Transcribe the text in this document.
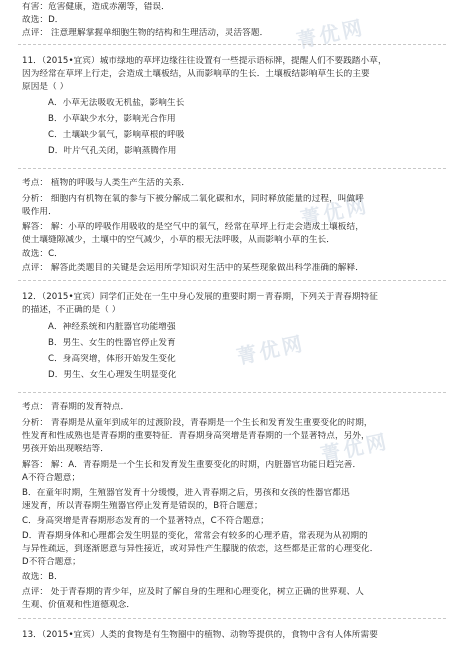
菁优网
菁优网
菁优网
菁优网
有害：危害健康，造成赤潮等，错误．
故选：D．
点评： 注意理解掌握单细胞生物的结构和生理活动，灵活答题．
11．（2015•宜宾）城市绿地的草坪边缘往往设置有一些提示语标牌，提醒人们不要践踏小草，
因为经常在草坪上行走，会造成土壤板结，从而影响草的生长．土壤板结影响草生长的主要
原因是（ ）
A．小草无法吸收无机盐，影响生长
B．小草缺少水分，影响光合作用
C．土壤缺少氧气，影响草根的呼吸
D．叶片气孔关闭，影响蒸腾作用
考点： 植物的呼吸与人类生产生活的关系．
分析： 细胞内有机物在氧的参与下被分解成二氧化碳和水，同时释放能量的过程，叫做呼
吸作用．
解答： 解：小草的呼吸作用吸收的是空气中的氧气，经常在草坪上行走会造成土壤板结，
使土壤缝隙减少，土壤中的空气减少，小草的根无法呼吸，从而影响小草的生长．
故选：C．
点评： 解答此类题目的关键是会运用所学知识对生活中的某些现象做出科学准确的解释．
12．（2015•宜宾）同学们正处在一生中身心发展的重要时期－青春期，下列关于青春期特征
的描述，不正确的是（ ）
A．神经系统和内脏器官功能增强
B．男生、女生的性器官停止发育
C．身高突增，体形开始发生变化
D．男生、女生心理发生明显变化
考点： 青春期的发育特点．
分析： 青春期是从童年到成年的过渡阶段，青春期是一个生长和发育发生重要变化的时期，
性发育和性成熟也是青春期的重要特征．青春期身高突增是青春期的一个显著特点，另外，
男孩开始出现喉结等．
解答： 解：A．青春期是一个生长和发育发生重要变化的时期，内脏器官功能日趋完善．
A不符合题意；
B．在童年时期，生殖器官发育十分缓慢，进入青春期之后，男孩和女孩的性器官都迅
速发育，所以青春期生殖器官停止发育是错误的，B符合题意；
C．身高突增是青春期形态发育的一个显著特点，C不符合题意；
D．青春期身体和心理都会发生明显的变化，常常会有较多的心理矛盾，常表现为从初期的
与异性疏远，到逐渐愿意与异性接近，或对异性产生朦胧的依恋，这些都是正常的心理变化．
D不符合题意；
故选：B．
点评： 处于青春期的青少年，应及时了解自身的生理和心理变化，树立正确的世界观、人
生观、价值观和性道德观念．
13．（2015•宜宾）人类的食物是有生物圈中的植物、动物等提供的，食物中含有人体所需要
